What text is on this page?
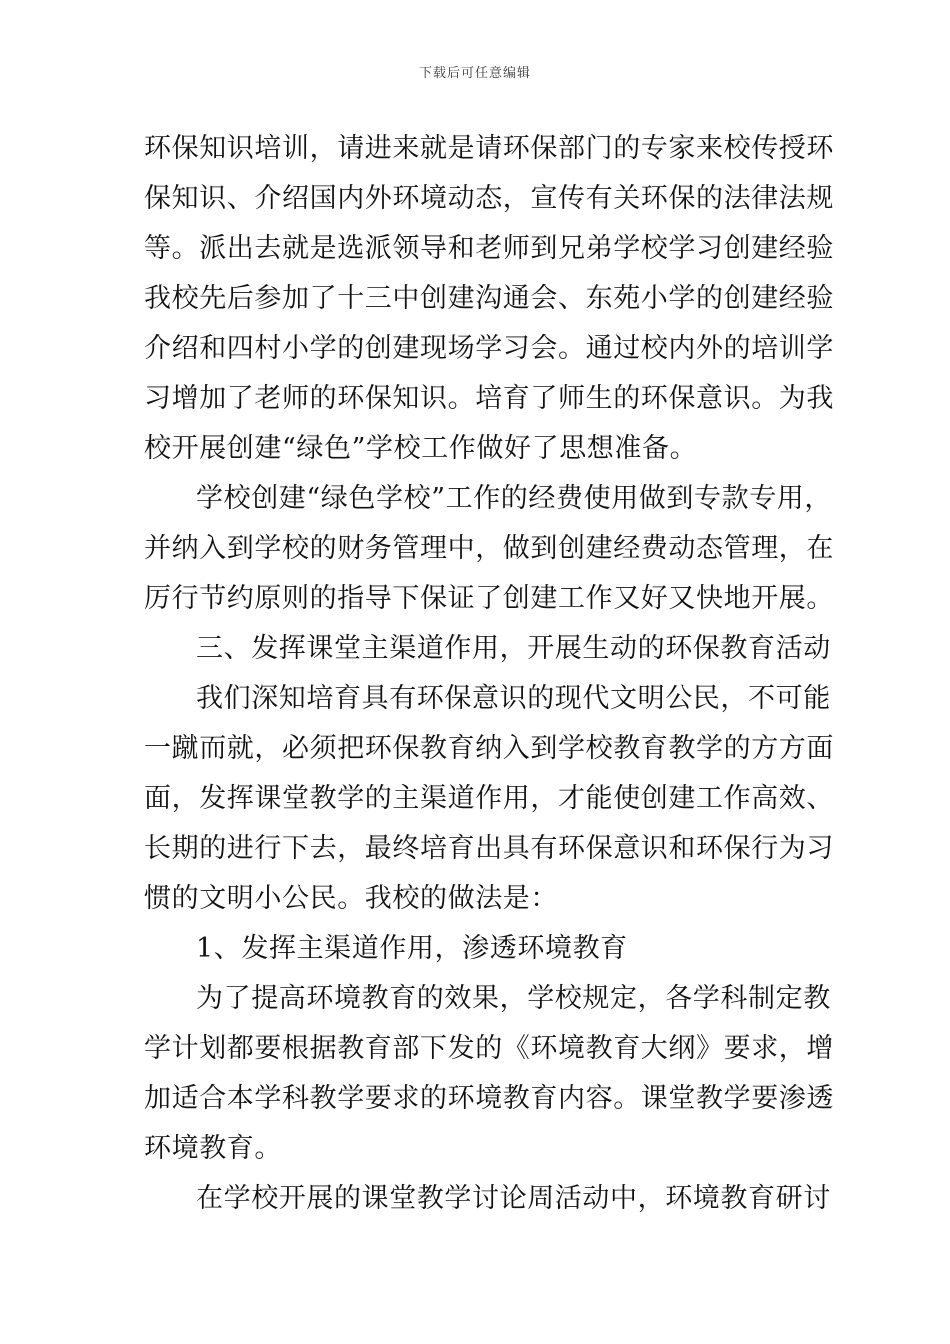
下载后可任意编辑
环保知识培训，请进来就是请环保部门的专家来校传授环
保知识、介绍国内外环境动态，宣传有关环保的法律法规
等。派出去就是选派领导和老师到兄弟学校学习创建经验
我校先后参加了十三中创建沟通会、东苑小学的创建经验
介绍和四村小学的创建现场学习会。通过校内外的培训学
习增加了老师的环保知识。培育了师生的环保意识。为我
校开展创建“绿色”学校工作做好了思想准备。
学校创建“绿色学校”工作的经费使用做到专款专用，
并纳入到学校的财务管理中，做到创建经费动态管理，在
厉行节约原则的指导下保证了创建工作又好又快地开展。
三、发挥课堂主渠道作用，开展生动的环保教育活动
我们深知培育具有环保意识的现代文明公民，不可能
一蹴而就，必须把环保教育纳入到学校教育教学的方方面
面，发挥课堂教学的主渠道作用，才能使创建工作高效、
长期的进行下去，最终培育出具有环保意识和环保行为习
惯的文明小公民。我校的做法是：
1、发挥主渠道作用，渗透环境教育
为了提高环境教育的效果，学校规定，各学科制定教
学计划都要根据教育部下发的《环境教育大纲》要求，增
加适合本学科教学要求的环境教育内容。课堂教学要渗透
环境教育。
在学校开展的课堂教学讨论周活动中，环境教育研讨
